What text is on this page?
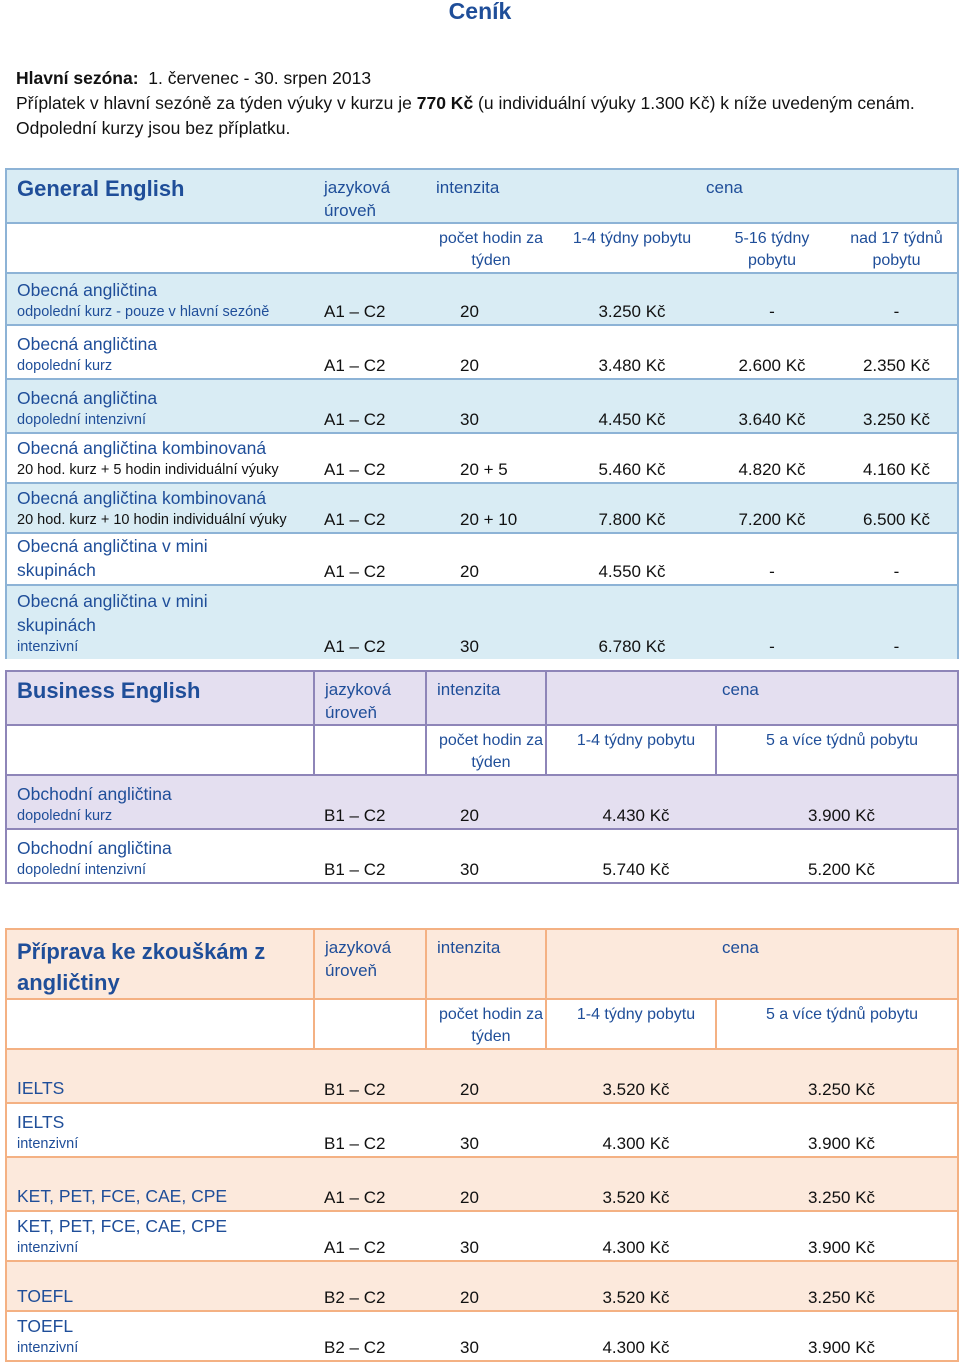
Ceník
Hlavní sezóna: 1. červenec - 30. srpen 2013
Příplatek v hlavní sezóně za týden výuky v kurzu je 770 Kč (u individuální výuky 1.300 Kč) k níže uvedeným cenám.
Odpolední kurzy jsou bez příplatku.
General English	jazyková úroveň	intenzita	cena		
		počet hodin za týden	1-4 týdny pobytu	5-16 týdny pobytu	nad 17 týdnů pobytu

Obecná angličtina
odpolední kurz - pouze v hlavní sezóně	A1 – C2	20	3.250 Kč	-	-

Obecná angličtina
dopolední kurz	A1 – C2	20	3.480 Kč	2.600 Kč	2.350 Kč

Obecná angličtina
dopolední intenzivní	A1 – C2	30	4.450 Kč	3.640 Kč	3.250 Kč

Obecná angličtina kombinovaná
20 hod. kurz + 5 hodin individuální výuky	A1 – C2	20 + 5	5.460 Kč	4.820 Kč	4.160 Kč

Obecná angličtina kombinovaná
20 hod. kurz + 10 hodin individuální výuky	A1 – C2	20 + 10	7.800 Kč	7.200 Kč	6.500 Kč

Obecná angličtina v mini skupinách	A1 – C2	20	4.550 Kč	-	-

Obecná angličtina v mini skupinách
intenzivní	A1 – C2	30	6.780 Kč	-	-
Business English	jazyková úroveň	intenzita	cena	
		počet hodin za týden	1-4 týdny pobytu	5 a více týdnů pobytu

Obchodní angličtina
dopolední kurz	B1 – C2	20	4.430 Kč	3.900 Kč

Obchodní angličtina
dopolední intenzivní	B1 – C2	30	5.740 Kč	5.200 Kč
Příprava ke zkouškám z angličtiny	jazyková úroveň	intenzita	cena	
		počet hodin za týden	1-4 týdny pobytu	5 a více týdnů pobytu

IELTS	B1 – C2	20	3.520 Kč	3.250 Kč

IELTS
intenzivní	B1 – C2	30	4.300 Kč	3.900 Kč

KET, PET, FCE, CAE, CPE	A1 – C2	20	3.520 Kč	3.250 Kč

KET, PET, FCE, CAE, CPE
intenzivní	A1 – C2	30	4.300 Kč	3.900 Kč

TOEFL	B2 – C2	20	3.520 Kč	3.250 Kč

TOEFL
intenzivní	B2 – C2	30	4.300 Kč	3.900 Kč
